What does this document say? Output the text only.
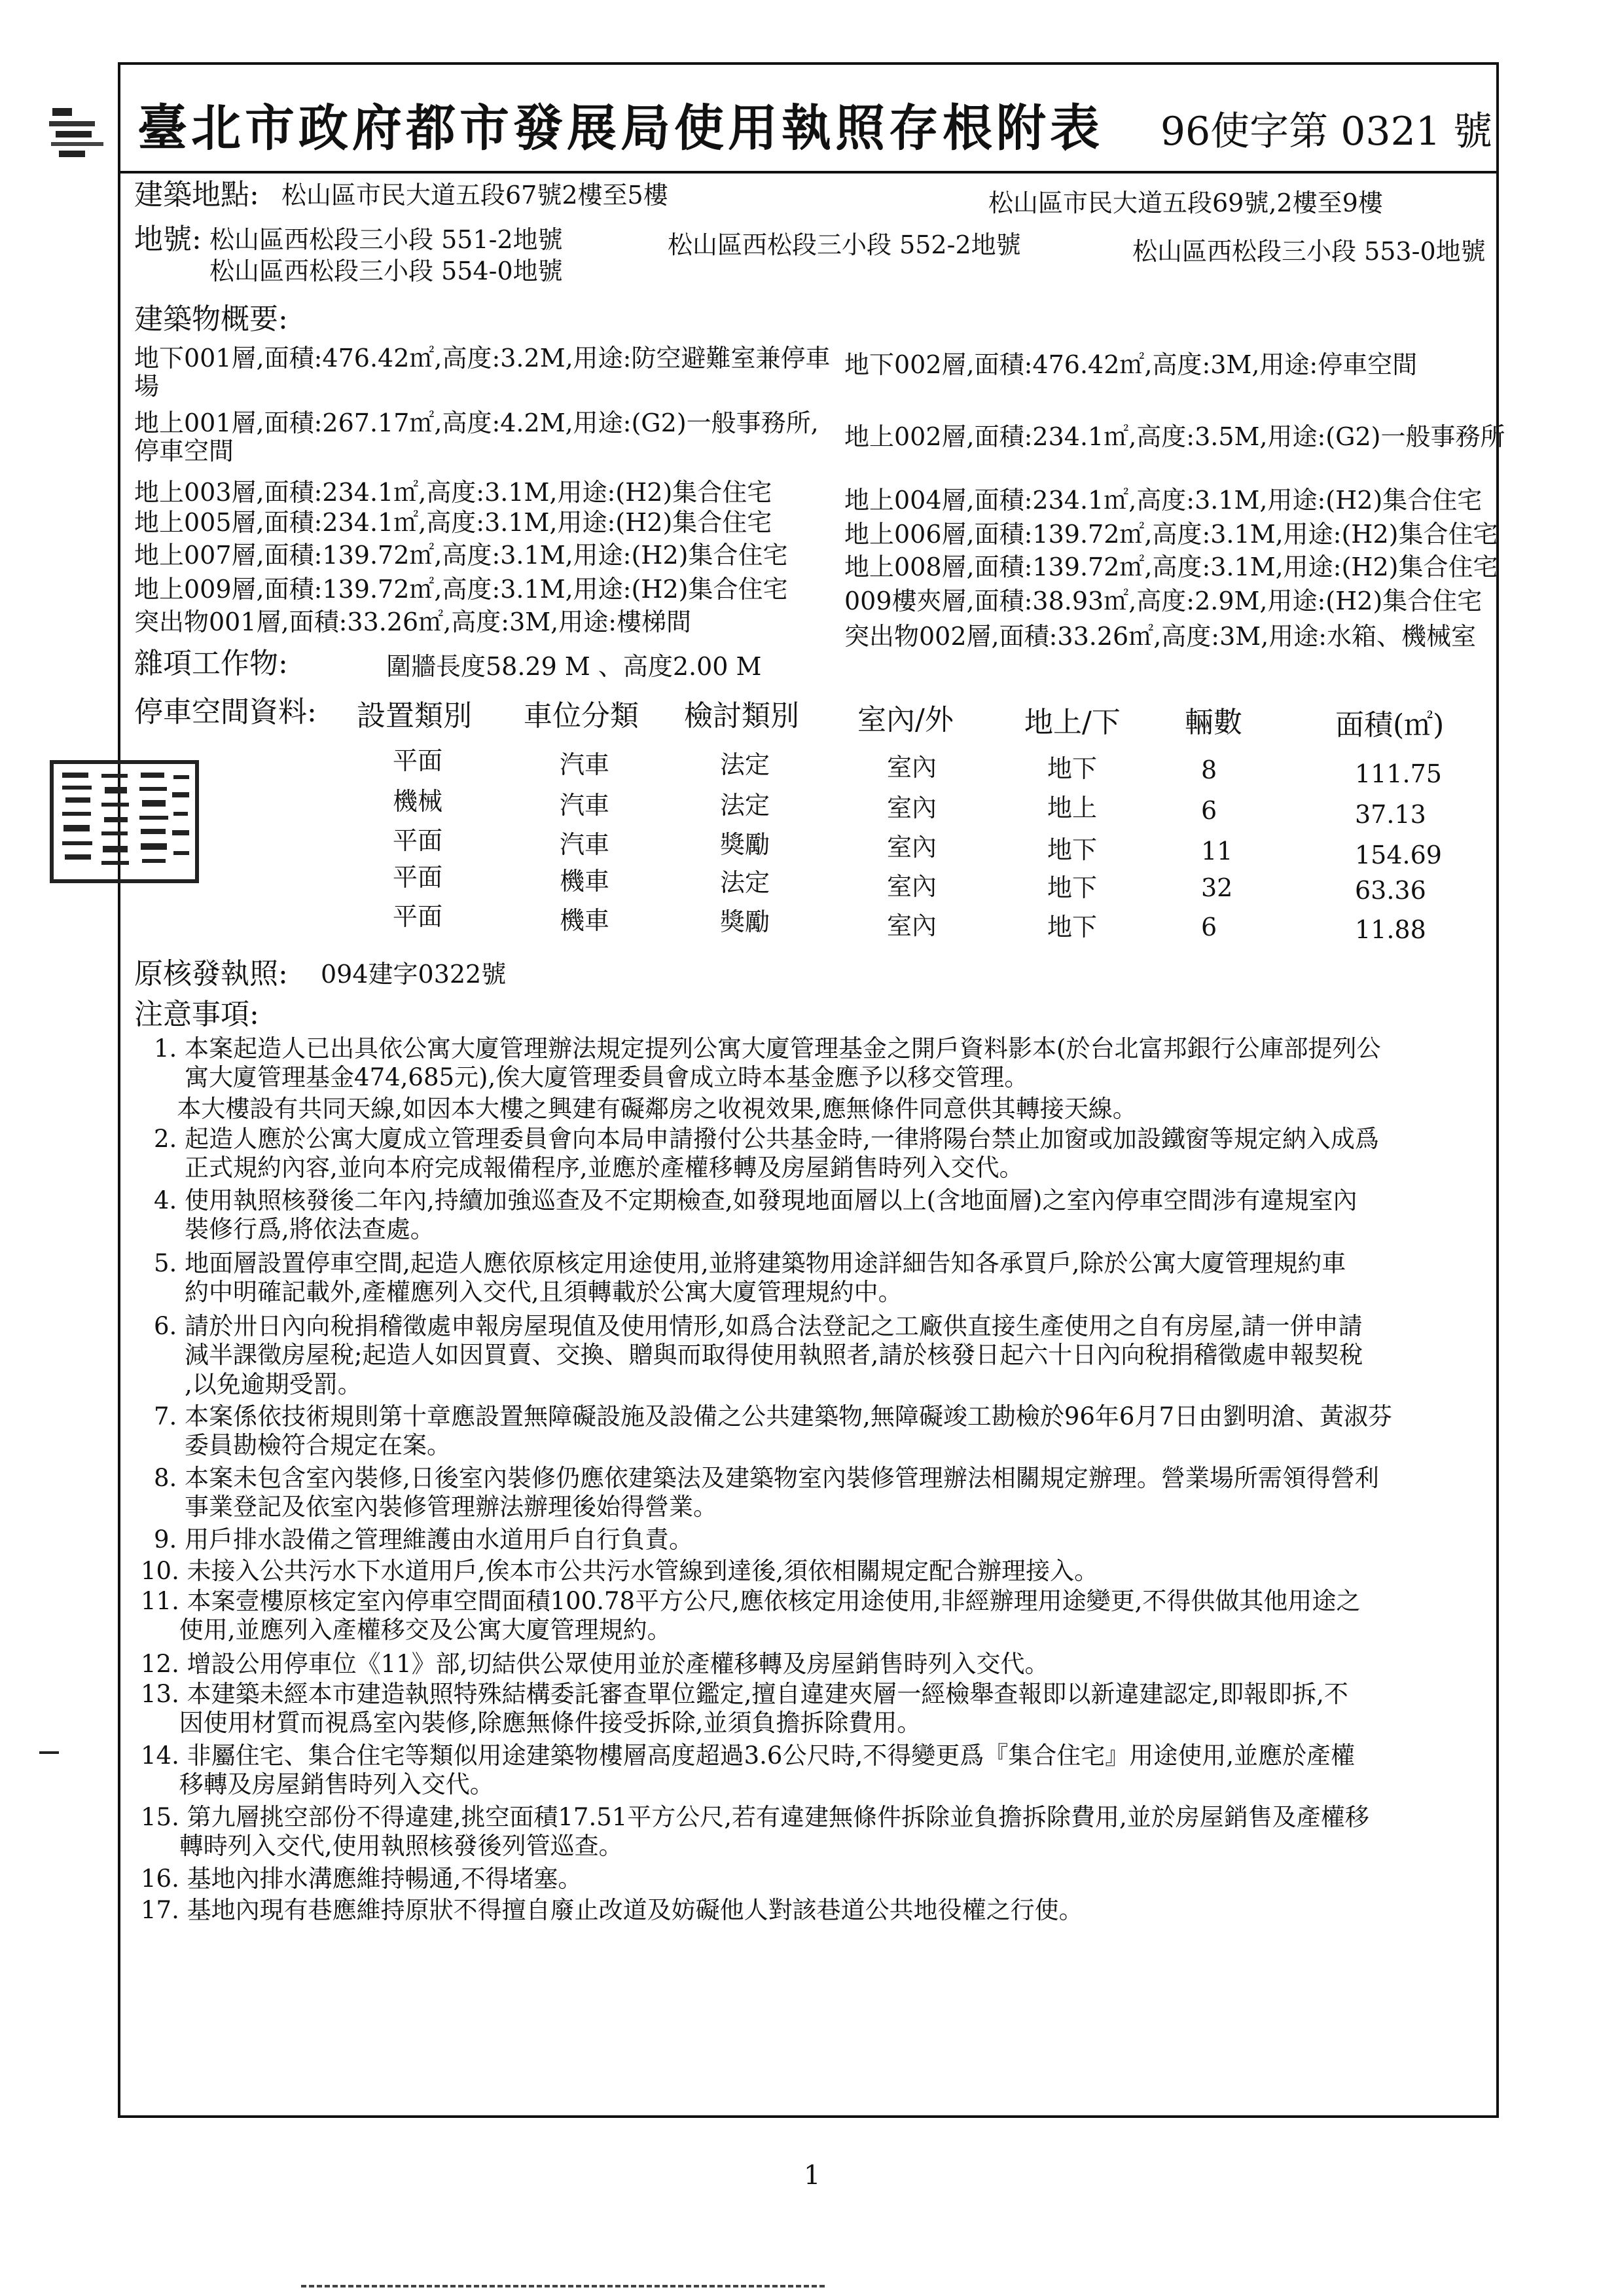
臺北市政府都市發展局使用執照存根附表 96使字第 0321 號
建築地點: 松山區市民大道五段67號2樓至5樓	松山區市民大道五段69號,2樓至9樓
地號: 松山區西松段三小段 551-2地號	松山區西松段三小段 552-2地號	松山區西松段三小段 553-0地號
松山區西松段三小段 554-0地號
建築物概要:
地下001層,面積:476.42㎡,高度:3.2M,用途:防空避難室兼停車
場
地下002層,面積:476.42㎡,高度:3M,用途:停車空間
地上001層,面積:267.17㎡,高度:4.2M,用途:(G2)一般事務所,
停車空間	地上002層,面積:234.1㎡,高度:3.5M,用途:(G2)一般事務所
地上003層,面積:234.1㎡,高度:3.1M,用途:(H2)集合住宅	地上004層,面積:234.1㎡,高度:3.1M,用途:(H2)集合住宅
地上005層,面積:234.1㎡,高度:3.1M,用途:(H2)集合住宅	地上006層,面積:139.72㎡,高度:3.1M,用途:(H2)集合住宅
地上007層,面積:139.72㎡,高度:3.1M,用途:(H2)集合住宅 地上008層,面積:139.72㎡,高度:3.1M,用途:(H2)集合住宅
地上009層,面積:139.72㎡,高度:3.1M,用途:(H2)集合住宅 009樓夾層,面積:38.93㎡,高度:2.9M,用途:(H2)集合住宅
突出物001層,面積:33.26㎡,高度:3M,用途:樓梯間	突出物002層,面積:33.26㎡,高度:3M,用途:水箱、機械室
雜項工作物:	圍牆長度58.29 M 、高度2.00 M
停車空間資料: 設置類別 車位分類 檢討類別 室內/外 地上/下 輛數	面積(㎡)
平面	汽車	法定	室內	地下	8	111.75
機械	汽車	法定	室內	地上	6	37.13
平面	汽車	獎勵	室內	地下	11	154.69
平面	機車	法定	室內	地下	32	63.36
平面	機車	獎勵	室內	地下	6	11.88
原核發執照: 094建字0322號
注意事項:
1. 本案起造人已出具依公寓大廈管理辦法規定提列公寓大廈管理基金之開戶資料影本(於台北富邦銀行公庫部提列公
寓大廈管理基金474,685元),俟大廈管理委員會成立時本基金應予以移交管理。
本大樓設有共同天線,如因本大樓之興建有礙鄰房之收視效果,應無條件同意供其轉接天線。
2. 起造人應於公寓大廈成立管理委員會向本局申請撥付公共基金時,一律將陽台禁止加窗或加設鐵窗等規定納入成爲
正式規約內容,並向本府完成報備程序,並應於產權移轉及房屋銷售時列入交代。
4. 使用執照核發後二年內,持續加強巡查及不定期檢查,如發現地面層以上(含地面層)之室內停車空間涉有違規室內
裝修行爲,將依法查處。
5. 地面層設置停車空間,起造人應依原核定用途使用,並將建築物用途詳細告知各承買戶,除於公寓大廈管理規約車
約中明確記載外,產權應列入交代,且須轉載於公寓大廈管理規約中。
6. 請於卅日內向稅捐稽徵處申報房屋現值及使用情形,如爲合法登記之工廠供直接生產使用之自有房屋,請一併申請
減半課徵房屋稅;起造人如因買賣、交換、贈與而取得使用執照者,請於核發日起六十日內向稅捐稽徵處申報契稅
,以免逾期受罰。
7. 本案係依技術規則第十章應設置無障礙設施及設備之公共建築物,無障礙竣工勘檢於96年6月7日由劉明滄、黃淑芬
委員勘檢符合規定在案。
8. 本案未包含室內裝修,日後室內裝修仍應依建築法及建築物室內裝修管理辦法相關規定辦理。營業場所需領得營利
事業登記及依室內裝修管理辦法辦理後始得營業。
9. 用戶排水設備之管理維護由水道用戶自行負責。
10. 未接入公共污水下水道用戶,俟本市公共污水管線到達後,須依相關規定配合辦理接入。
11. 本案壹樓原核定室內停車空間面積100.78平方公尺,應依核定用途使用,非經辦理用途變更,不得供做其他用途之
使用,並應列入產權移交及公寓大廈管理規約。
12. 增設公用停車位《11》部,切結供公眾使用並於產權移轉及房屋銷售時列入交代。
13. 本建築未經本市建造執照特殊結構委託審查單位鑑定,擅自違建夾層一經檢舉查報即以新違建認定,即報即拆,不
因使用材質而視爲室內裝修,除應無條件接受拆除,並須負擔拆除費用。
14. 非屬住宅、集合住宅等類似用途建築物樓層高度超過3.6公尺時,不得變更爲『集合住宅』用途使用,並應於產權
移轉及房屋銷售時列入交代。
15. 第九層挑空部份不得違建,挑空面積17.51平方公尺,若有違建無條件拆除並負擔拆除費用,並於房屋銷售及產權移
轉時列入交代,使用執照核發後列管巡查。
16. 基地內排水溝應維持暢通,不得堵塞。
17. 基地內現有巷應維持原狀不得擅自廢止改道及妨礙他人對該巷道公共地役權之行使。
1
